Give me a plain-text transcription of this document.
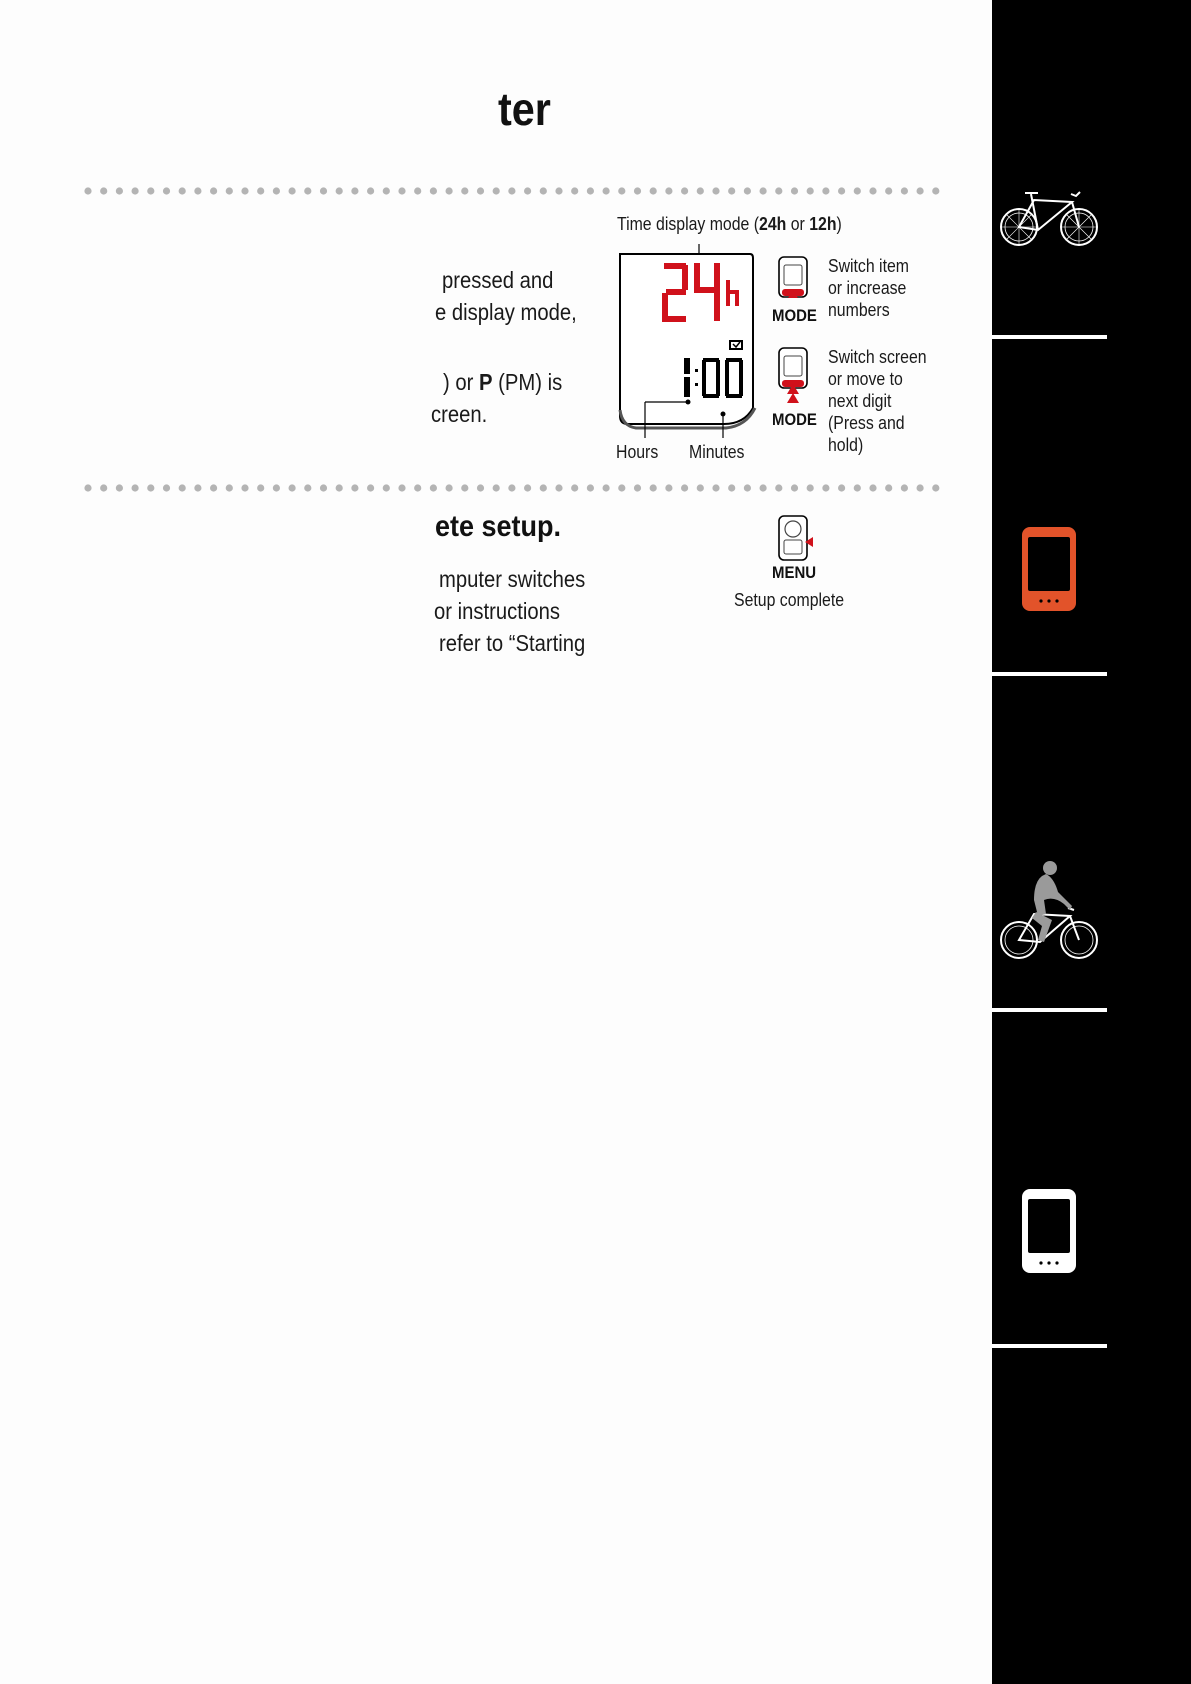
ter
pressed and
e display mode,
) or P (PM) is
creen.
Time display mode (24h or 12h)
Hours Minutes
MODE
Switch item
or increase
numbers
MODE
Switch screen
or move to
next digit
(Press and
hold)
ete setup.
mputer switches
or instructions
refer to “Starting
MENU
Setup complete
